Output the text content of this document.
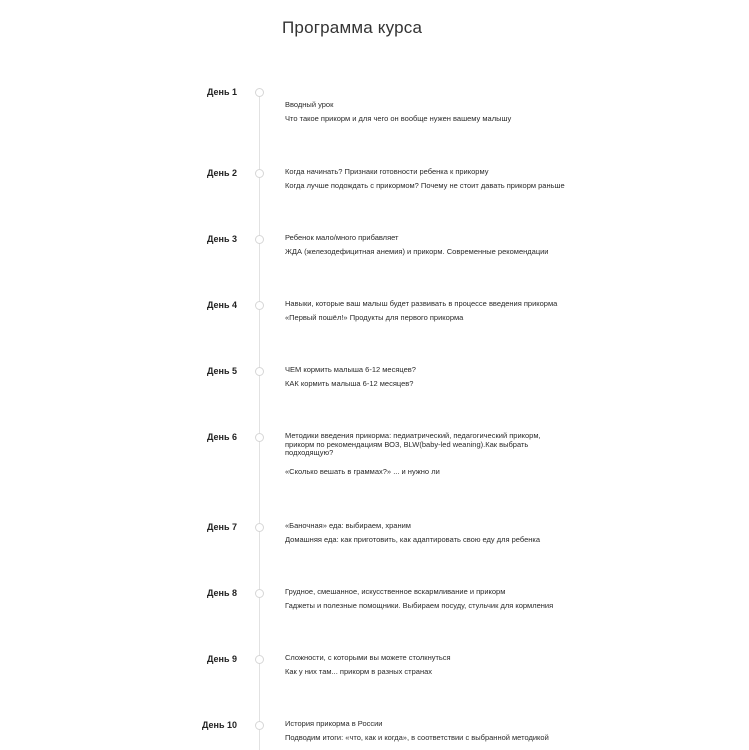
Программа курса
День 1
Вводный урок
Что такое прикорм и для чего он вообще нужен вашему малышу
День 2	Когда начинать? Признаки готовности ребенка к прикорму
Когда лучше подождать с прикормом? Почему не стоит давать прикорм раньше
День 3	Ребенок мало/много прибавляет
ЖДА (железодефицитная анемия) и прикорм. Современные рекомендации
День 4	Навыки, которые ваш малыш будет развивать в процессе введения прикорма
«Первый пошёл!» Продукты для первого прикорма
День 5	ЧЕМ кормить малыша 6-12 месяцев?
КАК кормить малыша 6-12 месяцев?
День 6	Методики введения прикорма: педиатрический, педагогический прикорм, прикорм по рекомендациям ВОЗ, BLW(baby-led weaning).Как выбрать подходящую?
«Сколько вешать в граммах?» ... и нужно ли
День 7	«Баночная» еда: выбираем, храним
Домашняя еда: как приготовить, как адаптировать свою еду для ребенка
День 8	Грудное, смешанное, искусственное вскармливание и прикорм
Гаджеты и полезные помощники. Выбираем посуду, стульчик для кормления
День 9	Сложности, с которыми вы можете столкнуться
Как у них там... прикорм в разных странах
День 10	История прикорма в России
Подводим итоги: «что, как и когда», в соответствии с выбранной методикой
